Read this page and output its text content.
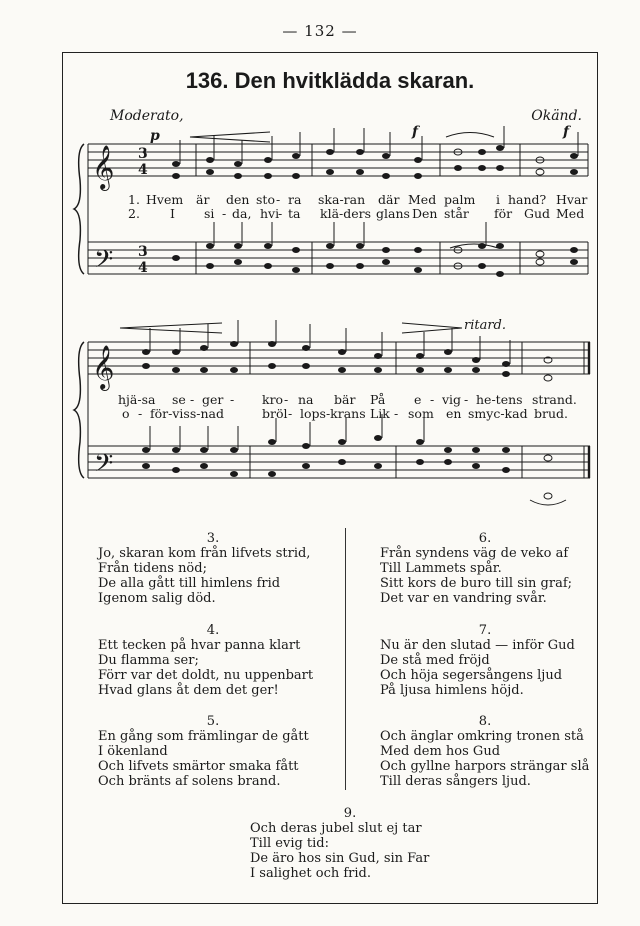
— 132 —
136. Den hvitklädda skaran.
Moderato,	Okänd.
𝄞
𝄢
𝄞
𝄢
3
4
3
4
p	f	f
ritard.
1. Hvem är den sto - ra ska-ran där Med palm i hand? Hvar
2. I si - da, hvi
- ta klä-ders glans Den står för Gud Med
hjä-sa se - ger - kro - na bär På e - vig - he-tens strand.
o - för-viss-nad	bröl - lops-krans Lik - som en smyc-kad brud.
3.
Jo, skaran kom från lifvets strid,
Från tidens nöd;
De alla gått till himlens frid
Igenom salig död.
4.
Ett tecken på hvar panna klart
Du flamma ser;
Förr var det doldt, nu uppenbart
Hvad glans åt dem det ger!
5.
En gång som främlingar de gått
I ökenland
Och lifvets smärtor smaka fått
Och bränts af solens brand.
6.
Från syndens väg de veko af
Till Lammets spår.
Sitt kors de buro till sin graf;
Det var en vandring svår.
7.
Nu är den slutad — inför Gud
De stå med fröjd
Och höja segersångens ljud
På ljusa himlens höjd.
8.
Och änglar omkring tronen stå
Med dem hos Gud
Och gyllne harpors strängar slå
Till deras sångers ljud.
9.
Och deras jubel slut ej tar
Till evig tid:
De äro hos sin Gud, sin Far
I salighet och frid.
